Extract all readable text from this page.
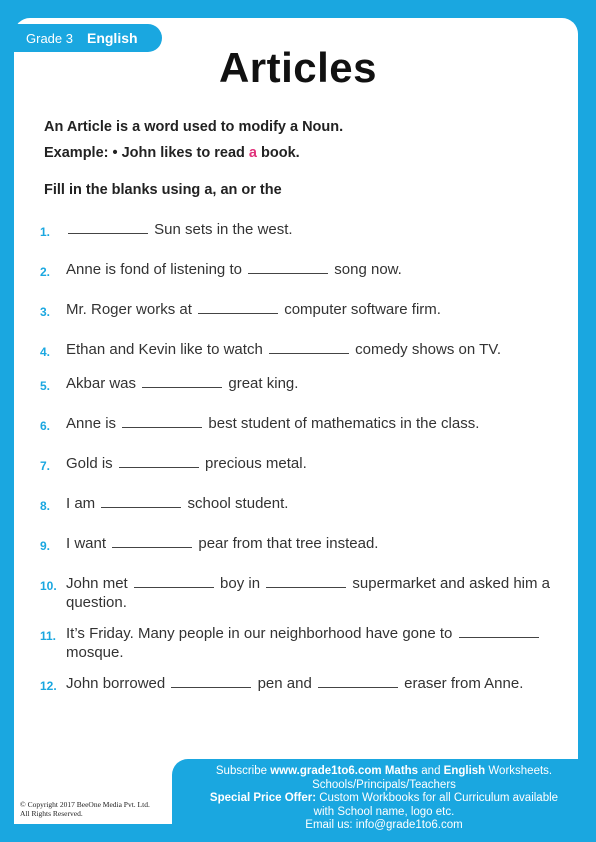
Grade 3 English
Articles

An Article is a word used to modify a Noun.

Example: • John likes to read a book.

Fill in the blanks using a, an or the
1.	Sun sets in the west.
2.	Anne is fond of listening to	song now.
3.	Mr. Roger works at	computer software firm.
4.	Ethan and Kevin like to watch	comedy shows on TV.
5.	Akbar was	great king.
6.	Anne is	best student of mathematics in the class.
7.	Gold is	precious metal.
8.	I am	school student.
9.	I want	pear from that tree instead.
10. John met	boy in	supermarket and asked him a question.
11. It’s Friday. Many people in our neighborhood have gone to  mosque.
12. John borrowed	pen and	eraser from Anne.
Subscribe www.grade1to6.com Maths and English Worksheets.
Schools/Principals/Teachers
Special Price Offer: Custom Workbooks for all Curriculum available
with School name, logo etc.
Email us: info@grade1to6.com
© Copyright 2017 BeeOne Media Pvt. Ltd.
All Rights Reserved.
